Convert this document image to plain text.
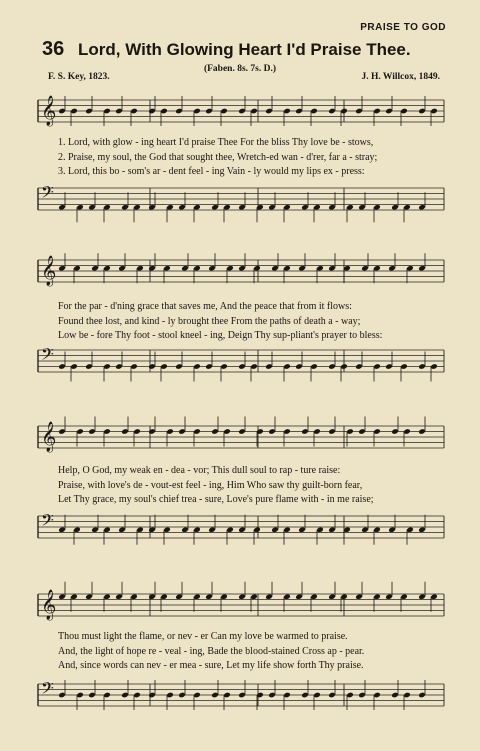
PRAISE TO GOD
36 Lord, With Glowing Heart I'd Praise Thee.
F. S. Key, 1823.
(Faben. 8s. 7s. D.)
J. H. Willcox, 1849.
𝄞
1. Lord, with glow - ing heart I'd praise Thee For the bliss Thy love be - stows,
2. Praise, my soul, the God that sought thee, Wretch-ed wan - d'rer, far a - stray;
3. Lord, this bo - som's ar - dent feel - ing Vain - ly would my lips ex - press:
𝄢
𝄞
For the par - d'ning grace that saves me, And the peace that from it flows:
Found thee lost, and kind - ly brought thee From the paths of death a - way;
Low be - fore Thy foot - stool kneel - ing, Deign Thy sup-pliant's prayer to bless:
𝄢
𝄞
Help, O God, my weak en - dea - vor; This dull soul to rap - ture raise:
Praise, with love's de - vout-est feel - ing, Him Who saw thy guilt-born fear,
Let Thy grace, my soul's chief trea - sure, Love's pure flame with - in me raise;
𝄢
𝄞
Thou must light the flame, or nev - er Can my love be warmed to praise.
And, the light of hope re - veal - ing, Bade the blood-stained Cross ap - pear.
And, since words can nev - er mea - sure, Let my life show forth Thy praise.
𝄢
